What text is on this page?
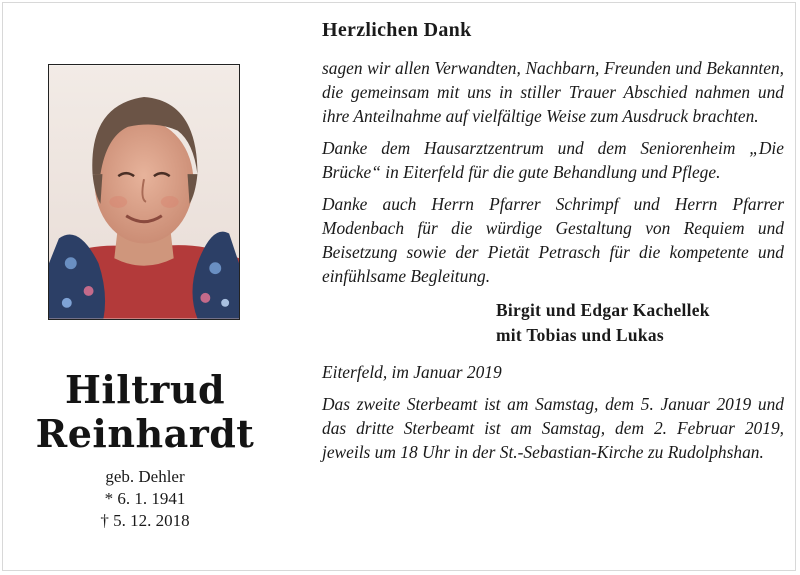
Hiltrud
Reinhardt
geb. Dehler
* 6. 1. 1941
† 5. 12. 2018
Herzlichen Dank

sagen wir allen Verwandten, Nachbarn, Freunden und Bekannten, die gemeinsam mit uns in stiller Trauer Abschied nahmen und ihre Anteilnahme auf vielfältige Weise zum Ausdruck brachten.

Danke dem Hausarztzentrum und dem Seniorenheim „Die Brücke“ in Eiterfeld für die gute Behandlung und Pflege.

Danke auch Herrn Pfarrer Schrimpf und Herrn Pfarrer Modenbach für die würdige Gestaltung von Requiem und Beisetzung sowie der Pietät Petrasch für die kompetente und einfühlsame Begleitung.

Birgit und Edgar Kachellek
mit Tobias und Lukas
Eiterfeld, im Januar 2019

Das zweite Sterbeamt ist am Samstag, dem 5. Januar 2019 und das dritte Sterbeamt ist am Samstag, dem 2. Februar 2019, jeweils um 18 Uhr in der St.-Sebastian-Kirche zu Rudolphshan.
